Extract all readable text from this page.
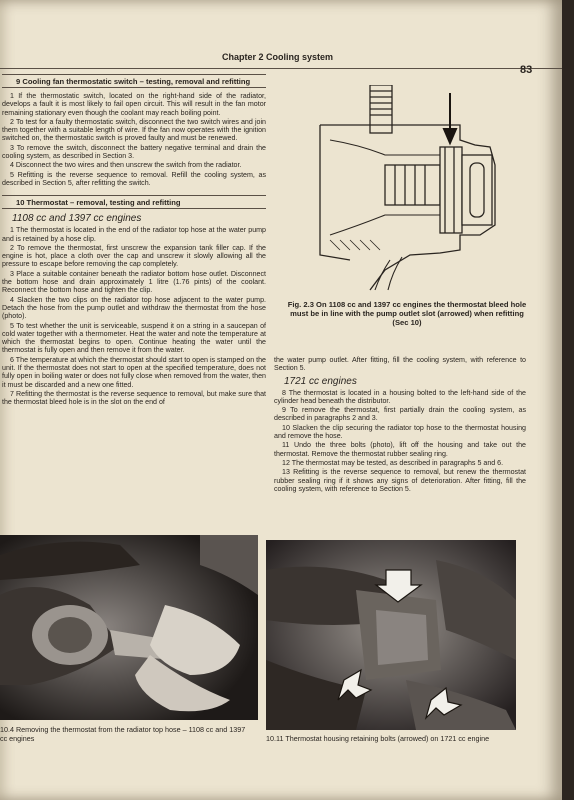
Chapter 2 Cooling system
83
9 Cooling fan thermostatic switch – testing, removal and refitting

1 If the thermostatic switch, located on the right-hand side of the radiator, develops a fault it is most likely to fail open circuit. This will result in the fan motor remaining stationary even though the coolant may reach boiling point.

2 To test for a faulty thermostatic switch, disconnect the two switch wires and join them together with a suitable length of wire. If the fan now operates with the ignition switched on, the thermostatic switch is proved faulty and must be renewed.

3 To remove the switch, disconnect the battery negative terminal and drain the cooling system, as described in Section 3.

4 Disconnect the two wires and then unscrew the switch from the radiator.

5 Refitting is the reverse sequence to removal. Refill the cooling system, as described in Section 5, after refitting the switch.

10 Thermostat – removal, testing and refitting
1108 cc and 1397 cc engines

1 The thermostat is located in the end of the radiator top hose at the water pump and is retained by a hose clip.

2 To remove the thermostat, first unscrew the expansion tank filler cap. If the engine is hot, place a cloth over the cap and unscrew it slowly allowing all the pressure to escape before removing the cap completely.

3 Place a suitable container beneath the radiator bottom hose outlet. Disconnect the bottom hose and drain approximately 1 litre (1.76 pints) of the coolant. Reconnect the bottom hose and tighten the clip.

4 Slacken the two clips on the radiator top hose adjacent to the water pump. Detach the hose from the pump outlet and withdraw the thermostat from the hose (photo).

5 To test whether the unit is serviceable, suspend it on a string in a saucepan of cold water together with a thermometer. Heat the water and note the temperature at which the thermostat begins to open. Continue heating the water until the thermostat is fully open and then remove it from the water.

6 The temperature at which the thermostat should start to open is stamped on the unit. If the thermostat does not start to open at the specified temperature, does not fully open in boiling water or does not fully close when removed from the water, then it must be discarded and a new one fitted.

7 Refitting the thermostat is the reverse sequence to removal, but make sure that the thermostat bleed hole is in the slot on the end of

Fig. 2.3 On 1108 cc and 1397 cc engines the thermostat bleed hole must be in line with the pump outlet slot (arrowed) when refitting (Sec 10)

the water pump outlet. After fitting, fill the cooling system, with reference to Section 5.

1721 cc engines

8 The thermostat is located in a housing bolted to the left-hand side of the cylinder head beneath the distributor.

9 To remove the thermostat, first partially drain the cooling system, as described in paragraphs 2 and 3.

10 Slacken the clip securing the radiator top hose to the thermostat housing and remove the hose.

11 Undo the three bolts (photo), lift off the housing and take out the thermostat. Remove the thermostat rubber sealing ring.

12 The thermostat may be tested, as described in paragraphs 5 and 6.

13 Refitting is the reverse sequence to removal, but renew the thermostat rubber sealing ring if it shows any signs of deterioration. After fitting, fill the cooling system, with reference to Section 5.

10.4 Removing the thermostat from the radiator top hose – 1108 cc and 1397 cc engines	10.11 Thermostat housing retaining bolts (arrowed) on 1721 cc engine
